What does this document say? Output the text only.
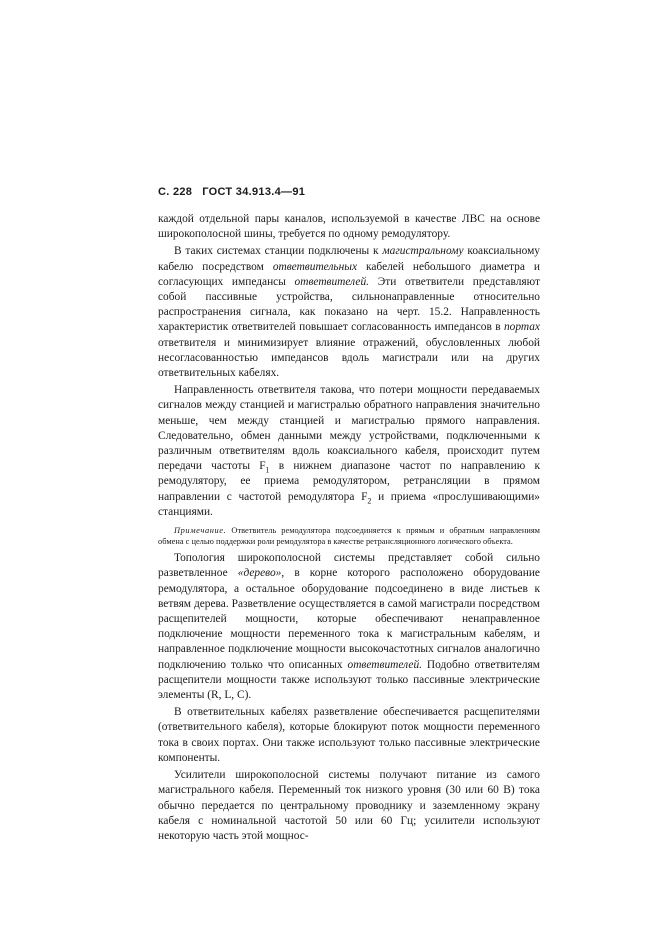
С. 228 ГОСТ 34.913.4—91

каждой отдельной пары каналов, используемой в качестве ЛВС на основе широкополосной шины, требуется по одному ремодулятору.

В таких системах станции подключены к магистральному коаксиальному кабелю посредством ответвительных кабелей небольшого диаметра и согласующих импедансы ответвителей. Эти ответвители представляют собой пассивные устройства, сильнонаправленные относительно распространения сигнала, как показано на черт. 15.2. Направленность характеристик ответвителей повышает согласованность импедансов в портах ответвителя и минимизирует влияние отражений, обусловленных любой несогласованностью импедансов вдоль магистрали или на других ответвительных кабелях.

Направленность ответвителя такова, что потери мощности передаваемых сигналов между станцией и магистралью обратного направления значительно меньше, чем между станцией и магистралью прямого направления. Следовательно, обмен данными между устройствами, подключенными к различным ответвителям вдоль коаксиального кабеля, происходит путем передачи частоты $F_1$ в нижнем диапазоне частот по направлению к ремодулятору, ее приема ремодулятором, ретрансляции в прямом направлении с частотой ремодулятора $F_2$ и приема «прослушивающими» станциями.

Примечание. Ответвитель ремодулятора подсоединяется к прямым и обратным направлениям обмена с целью поддержки роли ремодулятора в качестве ретрансляционного логического объекта.

Топология широкополосной системы представляет собой сильно разветвленное «дерево», в корне которого расположено оборудование ремодулятора, а остальное оборудование подсоединено в виде листьев к ветвям дерева. Разветвление осуществляется в самой магистрали посредством расщепителей мощности, которые обеспечивают ненаправленное подключение мощности переменного тока к магистральным кабелям, и направленное подключение мощности высокочастотных сигналов аналогично подключению только что описанных ответвителей. Подобно ответвителям расщепители мощности также используют только пассивные электрические элементы (R, L, C).

В ответвительных кабелях разветвление обеспечивается расщепителями (ответвительного кабеля), которые блокируют поток мощности переменного тока в своих портах. Они также используют только пассивные электрические компоненты.

Усилители широкополосной системы получают питание из самого магистрального кабеля. Переменный ток низкого уровня (30 или 60 В) тока обычно передается по центральному проводнику и заземленному экрану кабеля с номинальной частотой 50 или 60 Гц; усилители используют некоторую часть этой мощнос-
